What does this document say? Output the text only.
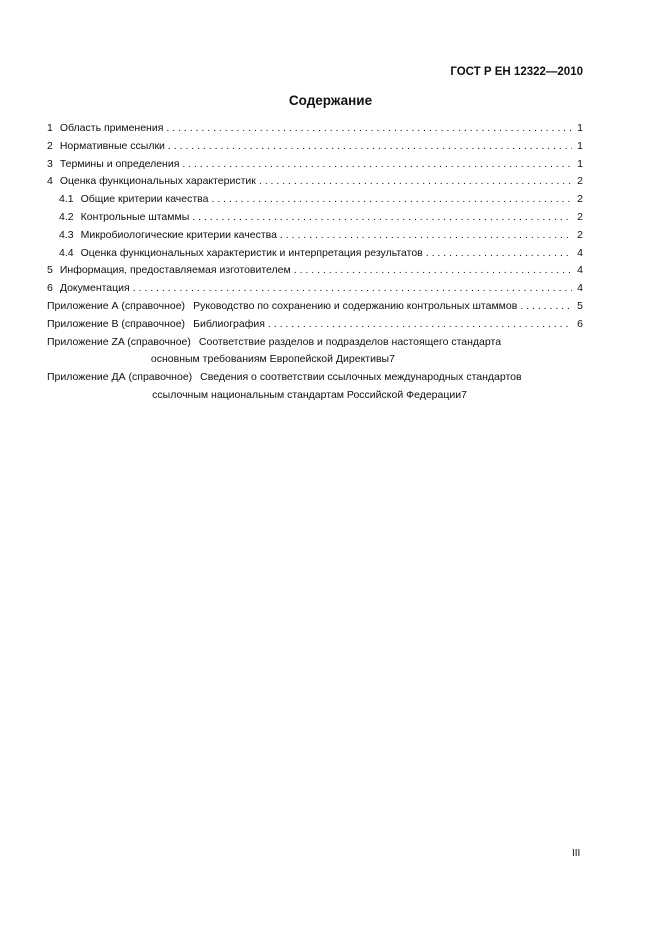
ГОСТ Р ЕН 12322—2010
Содержание
1 Область применения . . .	1
2 Нормативные ссылки . . .	1
3 Термины и определения . . .	1
4 Оценка функциональных характеристик . . .	2
4.1 Общие критерии качества . . .	2
4.2 Контрольные штаммы . . .	2
4.3 Микробиологические критерии качества . . .	2
4.4 Оценка функциональных характеристик и интерпретация результатов . . .	4
5 Информация, предоставляемая изготовителем . . .	4
6 Документация . . .	4
Приложение А (справочное) Руководство по сохранению и содержанию контрольных штаммов . . .	5
Приложение В (справочное) Библиография . . .	6
Приложение ZA (справочное) Соответствие разделов и подразделов настоящего стандарта
основным требованиям Европейской Директивы 7
Приложение ДА (справочное) Сведения о соответствии ссылочных международных стандартов
ссылочным национальным стандартам Российской Федерации 7
III
